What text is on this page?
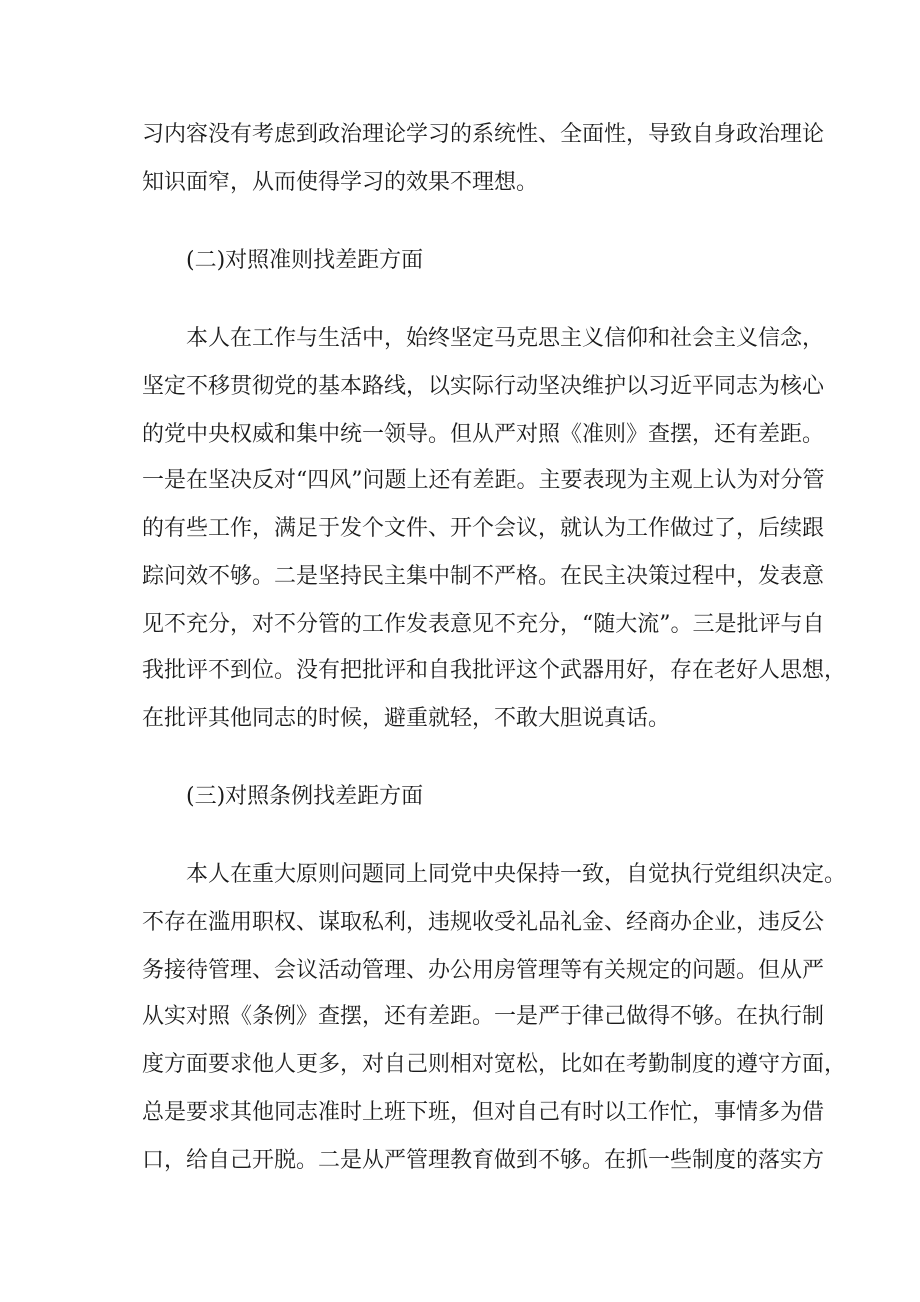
习内容没有考虑到政治理论学习的系统性、全面性，导致自身政治理论

知识面窄，从而使得学习的效果不理想。

(二)对照准则找差距方面

本人在工作与生活中，始终坚定马克思主义信仰和社会主义信念，

坚定不移贯彻党的基本路线，以实际行动坚决维护以习近平同志为核心

的党中央权威和集中统一领导。但从严对照《准则》查摆，还有差距。

一是在坚决反对“四风”问题上还有差距。主要表现为主观上认为对分管

的有些工作，满足于发个文件、开个会议，就认为工作做过了，后续跟

踪问效不够。二是坚持民主集中制不严格。在民主决策过程中，发表意

见不充分，对不分管的工作发表意见不充分，“随大流”。三是批评与自

我批评不到位。没有把批评和自我批评这个武器用好，存在老好人思想，

在批评其他同志的时候，避重就轻，不敢大胆说真话。

(三)对照条例找差距方面

本人在重大原则问题同上同党中央保持一致，自觉执行党组织决定。

不存在滥用职权、谋取私利，违规收受礼品礼金、经商办企业，违反公

务接待管理、会议活动管理、办公用房管理等有关规定的问题。但从严

从实对照《条例》查摆，还有差距。一是严于律己做得不够。在执行制

度方面要求他人更多，对自己则相对宽松，比如在考勤制度的遵守方面，

总是要求其他同志准时上班下班，但对自己有时以工作忙，事情多为借

口，给自己开脱。二是从严管理教育做到不够。在抓一些制度的落实方
